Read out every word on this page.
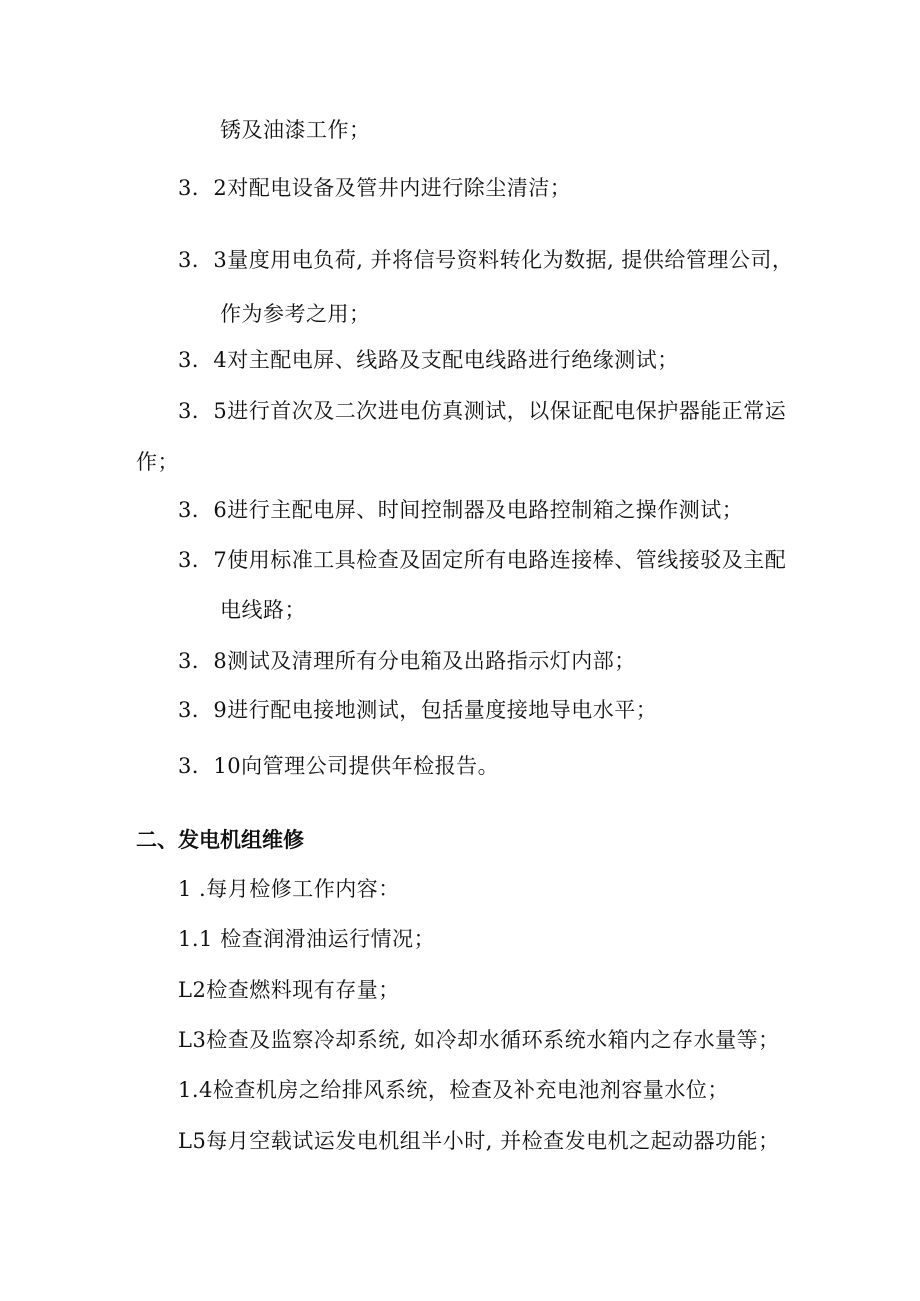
锈及油漆工作；
3．2对配电设备及管井内进行除尘清洁；
3．3量度用电负荷, 并将信号资料转化为数据, 提供给管理公司，
作为参考之用；
3．4对主配电屏、线路及支配电线路进行绝缘测试；
3．5进行首次及二次进电仿真测试，以保证配电保护器能正常运
作；
3．6进行主配电屏、时间控制器及电路控制箱之操作测试；
3．7使用标准工具检查及固定所有电路连接棒、管线接驳及主配
电线路；
3．8测试及清理所有分电箱及出路指示灯内部；
3．9进行配电接地测试，包括量度接地导电水平；
3．10向管理公司提供年检报告。
二、发电机组维修
1 .每月检修工作内容：
1.1 检查润滑油运行情况；
L2检查燃料现有存量；
L3检查及监察冷却系统, 如冷却水循环系统水箱内之存水量等；
1.4检查机房之给排风系统，检查及补充电池剂容量水位；
L5每月空载试运发电机组半小时, 并检查发电机之起动器功能；
